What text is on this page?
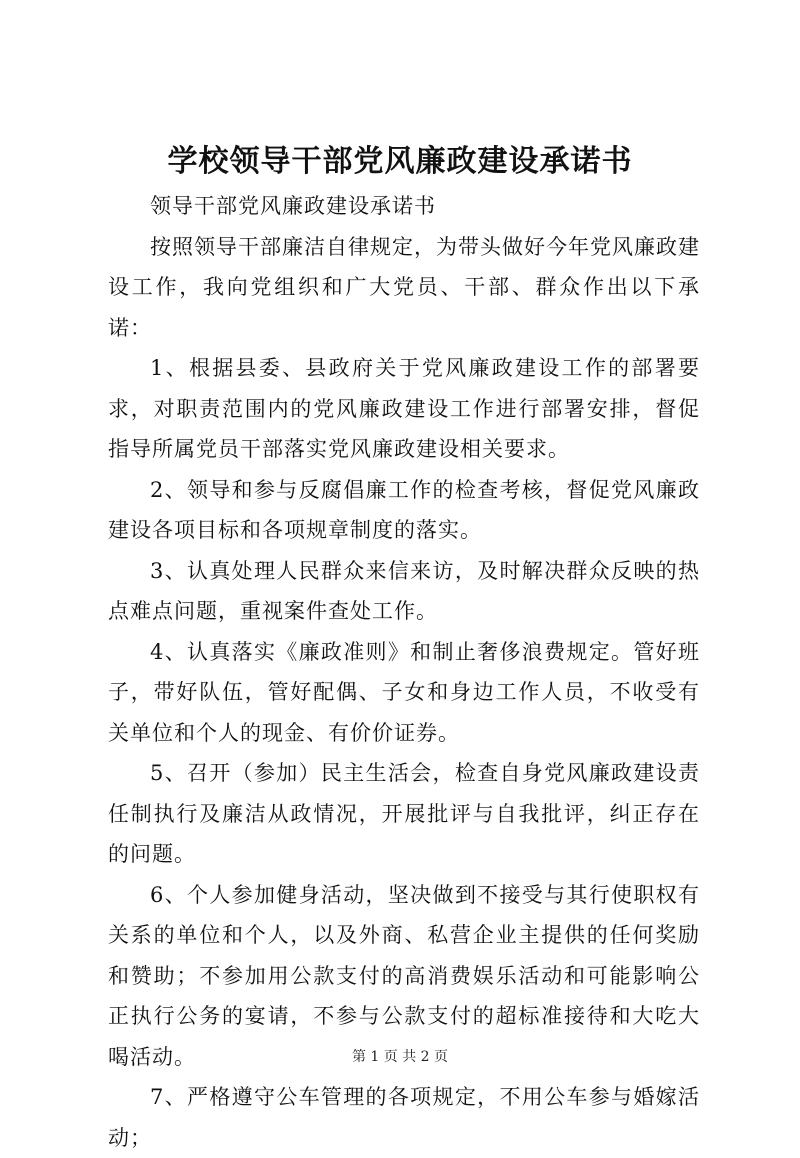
学校领导干部党风廉政建设承诺书

领导干部党风廉政建设承诺书

按照领导干部廉洁自律规定，为带头做好今年党风廉政建设工作，我向党组织和广大党员、干部、群众作出以下承诺：

1、根据县委、县政府关于党风廉政建设工作的部署要求，对职责范围内的党风廉政建设工作进行部署安排，督促指导所属党员干部落实党风廉政建设相关要求。

2、领导和参与反腐倡廉工作的检查考核，督促党风廉政建设各项目标和各项规章制度的落实。

3、认真处理人民群众来信来访，及时解决群众反映的热点难点问题，重视案件查处工作。

4、认真落实《廉政准则》和制止奢侈浪费规定。管好班子，带好队伍，管好配偶、子女和身边工作人员，不收受有关单位和个人的现金、有价价证券。

5、召开（参加）民主生活会，检查自身党风廉政建设责任制执行及廉洁从政情况，开展批评与自我批评，纠正存在的问题。

6、个人参加健身活动，坚决做到不接受与其行使职权有关系的单位和个人，以及外商、私营企业主提供的任何奖励和赞助；不参加用公款支付的高消费娱乐活动和可能影响公正执行公务的宴请，不参与公款支付的超标准接待和大吃大喝活动。

7、严格遵守公车管理的各项规定，不用公车参与婚嫁活动；

第 1 页 共 2 页
